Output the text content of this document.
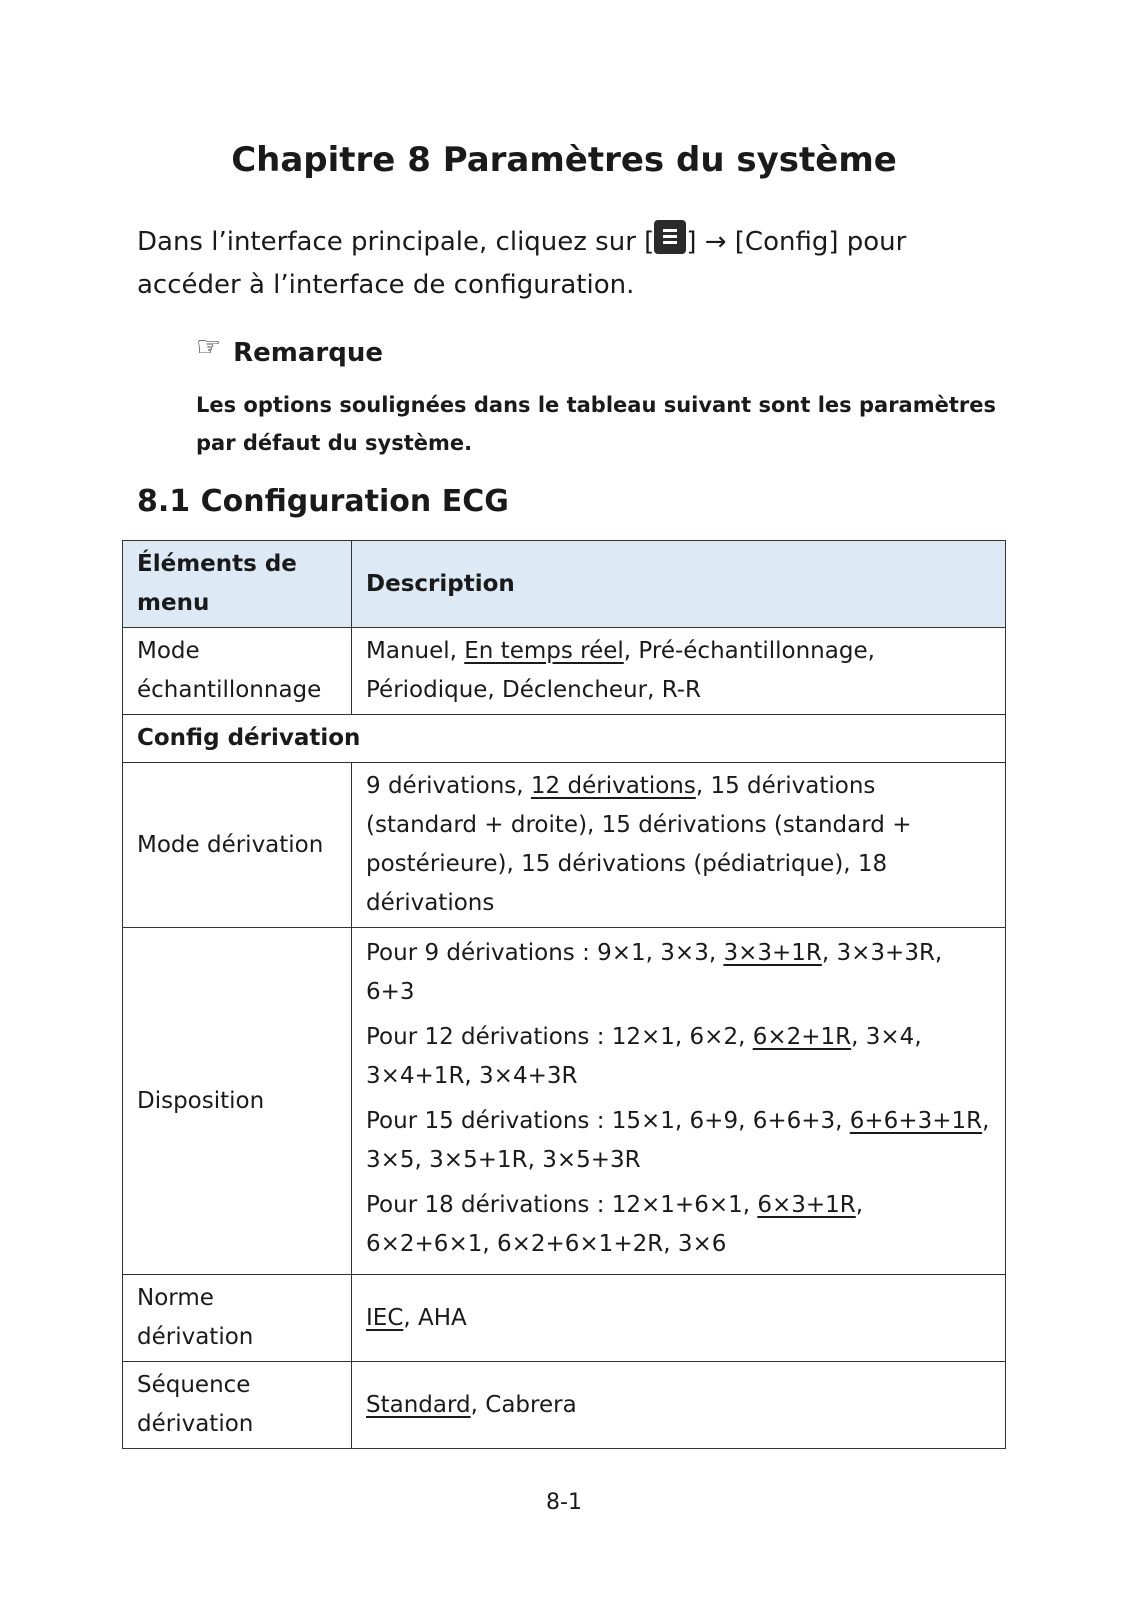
Chapitre 8 Paramètres du système

Dans l’interface principale, cliquez sur [ ] → [Config] pour accéder à l’interface de configuration.

☞ Remarque

Les options soulignées dans le tableau suivant sont les paramètres par défaut du système.

8.1 Configuration ECG
Éléments de menu	Description
Mode échantillonnage	Manuel, En temps réel, Pré-échantillonnage, Périodique, Déclencheur, R-R
Config dérivation	
Mode dérivation	9 dérivations, 12 dérivations, 15 dérivations (standard + droite), 15 dérivations (standard + postérieure), 15 dérivations (pédiatrique), 18 dérivations
Disposition	Pour 9 dérivations : 9×1, 3×3, 3×3+1R, 3×3+3R, 6+3
Pour 12 dérivations : 12×1, 6×2, 6×2+1R, 3×4, 3×4+1R, 3×4+3R
Pour 15 dérivations : 15×1, 6+9, 6+6+3, 6+6+3+1R, 3×5, 3×5+1R, 3×5+3R
Pour 18 dérivations : 12×1+6×1, 6×3+1R, 6×2+6×1, 6×2+6×1+2R, 3×6

Norme dérivation	IEC, AHA
Séquence dérivation	Standard, Cabrera
8-1
